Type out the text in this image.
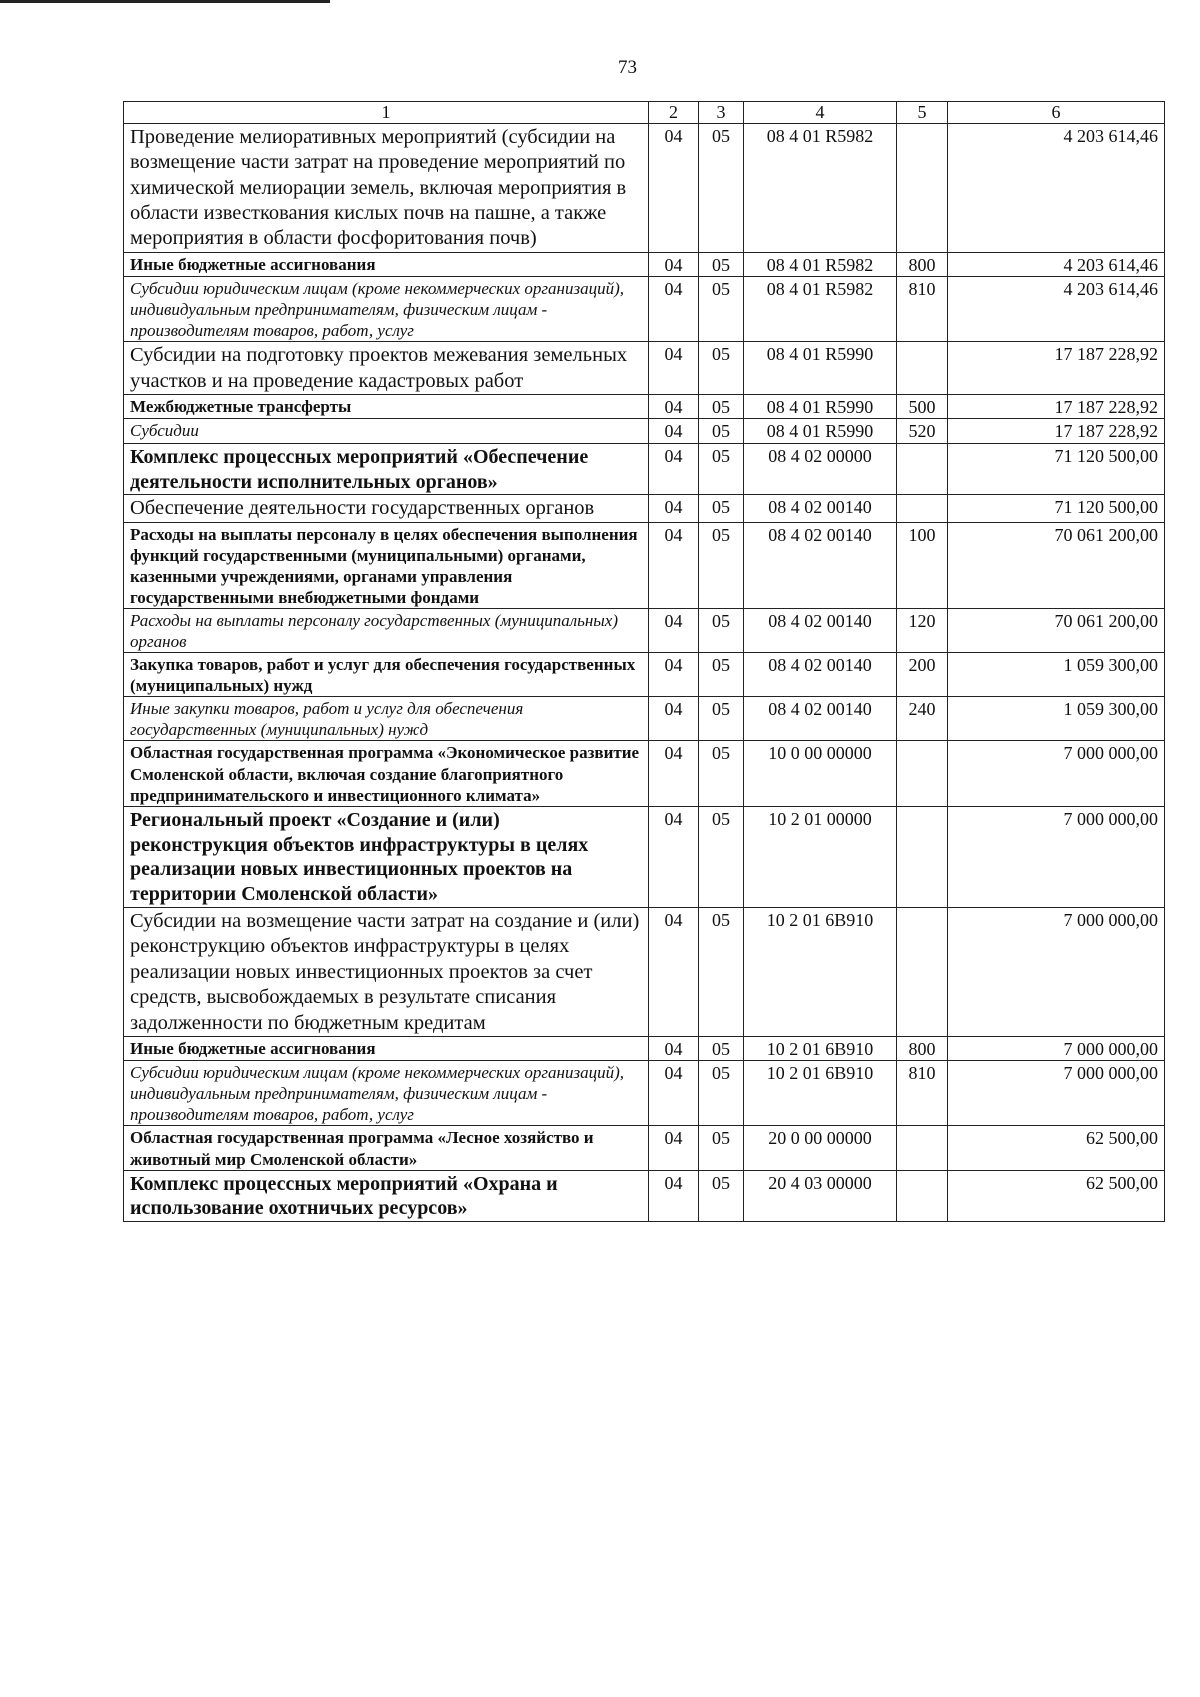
73
1	2	3	4	5	6
Проведение мелиоративных мероприятий (субсидии на возмещение части затрат на проведение мероприятий по химической мелиорации земель, включая мероприятия в области известкования кислых почв на пашне, а также мероприятия в области фосфоритования почв)	04	05	08 4 01 R5982		4 203 614,46
Иные бюджетные ассигнования	04	05	08 4 01 R5982	800	4 203 614,46
Субсидии юридическим лицам (кроме некоммерческих организаций), индивидуальным предпринимателям, физическим лицам - производителям товаров, работ, услуг	04	05	08 4 01 R5982	810	4 203 614,46
Субсидии на подготовку проектов межевания земельных участков и на проведение кадастровых работ	04	05	08 4 01 R5990		17 187 228,92
Межбюджетные трансферты	04	05	08 4 01 R5990	500	17 187 228,92
Субсидии	04	05	08 4 01 R5990	520	17 187 228,92
Комплекс процессных мероприятий «Обеспечение деятельности исполнительных органов»	04	05	08 4 02 00000		71 120 500,00
Обеспечение деятельности государственных органов	04	05	08 4 02 00140		71 120 500,00
Расходы на выплаты персоналу в целях обеспечения выполнения функций государственными (муниципальными) органами, казенными учреждениями, органами управления государственными внебюджетными фондами	04	05	08 4 02 00140	100	70 061 200,00
Расходы на выплаты персоналу государственных (муниципальных) органов	04	05	08 4 02 00140	120	70 061 200,00
Закупка товаров, работ и услуг для обеспечения государственных (муниципальных) нужд	04	05	08 4 02 00140	200	1 059 300,00
Иные закупки товаров, работ и услуг для обеспечения государственных (муниципальных) нужд	04	05	08 4 02 00140	240	1 059 300,00
Областная государственная программа «Экономическое развитие Смоленской области, включая создание благоприятного предпринимательского и инвестиционного климата»	04	05	10 0 00 00000		7 000 000,00
Региональный проект «Создание и (или) реконструкция объектов инфраструктуры в целях реализации новых инвестиционных проектов на территории Смоленской области»	04	05	10 2 01 00000		7 000 000,00
Субсидии на возмещение части затрат на создание и (или) реконструкцию объектов инфраструктуры в целях реализации новых инвестиционных проектов за счет средств, высвобождаемых в результате списания задолженности по бюджетным кредитам	04	05	10 2 01 6В910		7 000 000,00
Иные бюджетные ассигнования	04	05	10 2 01 6В910	800	7 000 000,00
Субсидии юридическим лицам (кроме некоммерческих организаций), индивидуальным предпринимателям, физическим лицам - производителям товаров, работ, услуг	04	05	10 2 01 6В910	810	7 000 000,00
Областная государственная программа «Лесное хозяйство и животный мир Смоленской области»	04	05	20 0 00 00000		62 500,00
Комплекс процессных мероприятий «Охрана и использование охотничьих ресурсов»	04	05	20 4 03 00000		62 500,00
